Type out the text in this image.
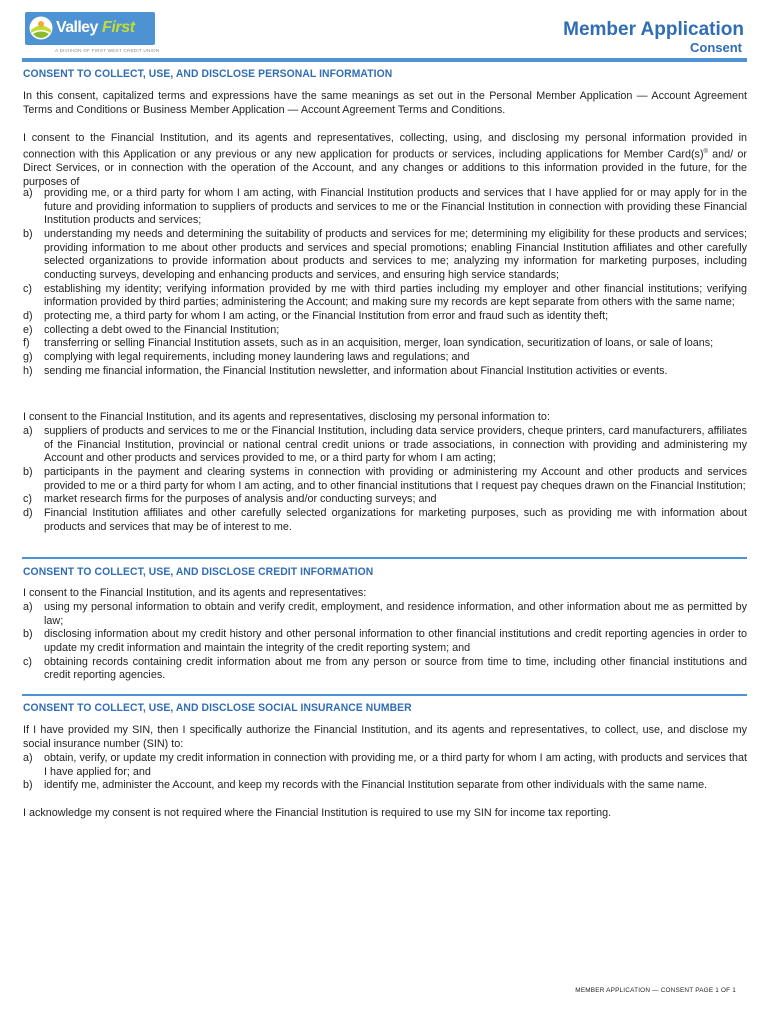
Valley First
A DIVISION OF FIRST WEST CREDIT UNION
Member Application
Consent
CONSENT TO COLLECT, USE, AND DISCLOSE PERSONAL INFORMATION

In this consent, capitalized terms and expressions have the same meanings as set out in the Personal Member Application — Account Agreement Terms and Conditions or Business Member Application — Account Agreement Terms and Conditions.

I consent to the Financial Institution, and its agents and representatives, collecting, using, and disclosing my personal information provided in connection with this Application or any previous or any new application for products or services, including applications for Member Card(s)® and/ or Direct Services, or in connection with the operation of the Account, and any changes or additions to this information provided in the future, for the purposes of

a) providing me, or a third party for whom I am acting, with Financial Institution products and services that I have applied for or may apply for in the future and providing information to suppliers of products and services to me or the Financial Institution in connection with providing these Financial Institution products and services;
b) understanding my needs and determining the suitability of products and services for me; determining my eligibility for these products and services; providing information to me about other products and services and special promotions; enabling Financial Institution affiliates and other carefully selected organizations to provide information about products and services to me; analyzing my information for marketing purposes, including conducting surveys, developing and enhancing products and services, and ensuring high service standards;
c) establishing my identity; verifying information provided by me with third parties including my employer and other financial institutions; verifying information provided by third parties; administering the Account; and making sure my records are kept separate from others with the same name;
d) protecting me, a third party for whom I am acting, or the Financial Institution from error and fraud such as identity theft;
e) collecting a debt owed to the Financial Institution;
f) transferring or selling Financial Institution assets, such as in an acquisition, merger, loan syndication, securitization of loans, or sale of loans;
g) complying with legal requirements, including money laundering laws and regulations; and
h) sending me financial information, the Financial Institution newsletter, and information about Financial Institution activities or events.

I consent to the Financial Institution, and its agents and representatives, disclosing my personal information to:

a) suppliers of products and services to me or the Financial Institution, including data service providers, cheque printers, card manufacturers, affiliates of the Financial Institution, provincial or national central credit unions or trade associations, in connection with providing and administering my Account and other products and services provided to me, or a third party for whom I am acting;
b) participants in the payment and clearing systems in connection with providing or administering my Account and other products and services provided to me or a third party for whom I am acting, and to other financial institutions that I request pay cheques drawn on the Financial Institution;
c) market research firms for the purposes of analysis and/or conducting surveys; and
d) Financial Institution affiliates and other carefully selected organizations for marketing purposes, such as providing me with information about products and services that may be of interest to me.
CONSENT TO COLLECT, USE, AND DISCLOSE CREDIT INFORMATION

I consent to the Financial Institution, and its agents and representatives:

a) using my personal information to obtain and verify credit, employment, and residence information, and other information about me as permitted by law;
b) disclosing information about my credit history and other personal information to other financial institutions and credit reporting agencies in order to update my credit information and maintain the integrity of the credit reporting system; and
c) obtaining records containing credit information about me from any person or source from time to time, including other financial institutions and credit reporting agencies.
CONSENT TO COLLECT, USE, AND DISCLOSE SOCIAL INSURANCE NUMBER

If I have provided my SIN, then I specifically authorize the Financial Institution, and its agents and representatives, to collect, use, and disclose my social insurance number (SIN) to:

a) obtain, verify, or update my credit information in connection with providing me, or a third party for whom I am acting, with products and services that I have applied for; and
b) identify me, administer the Account, and keep my records with the Financial Institution separate from other individuals with the same name.

I acknowledge my consent is not required where the Financial Institution is required to use my SIN for income tax reporting.

MEMBER APPLICATION — CONSENT PAGE 1 OF 1
